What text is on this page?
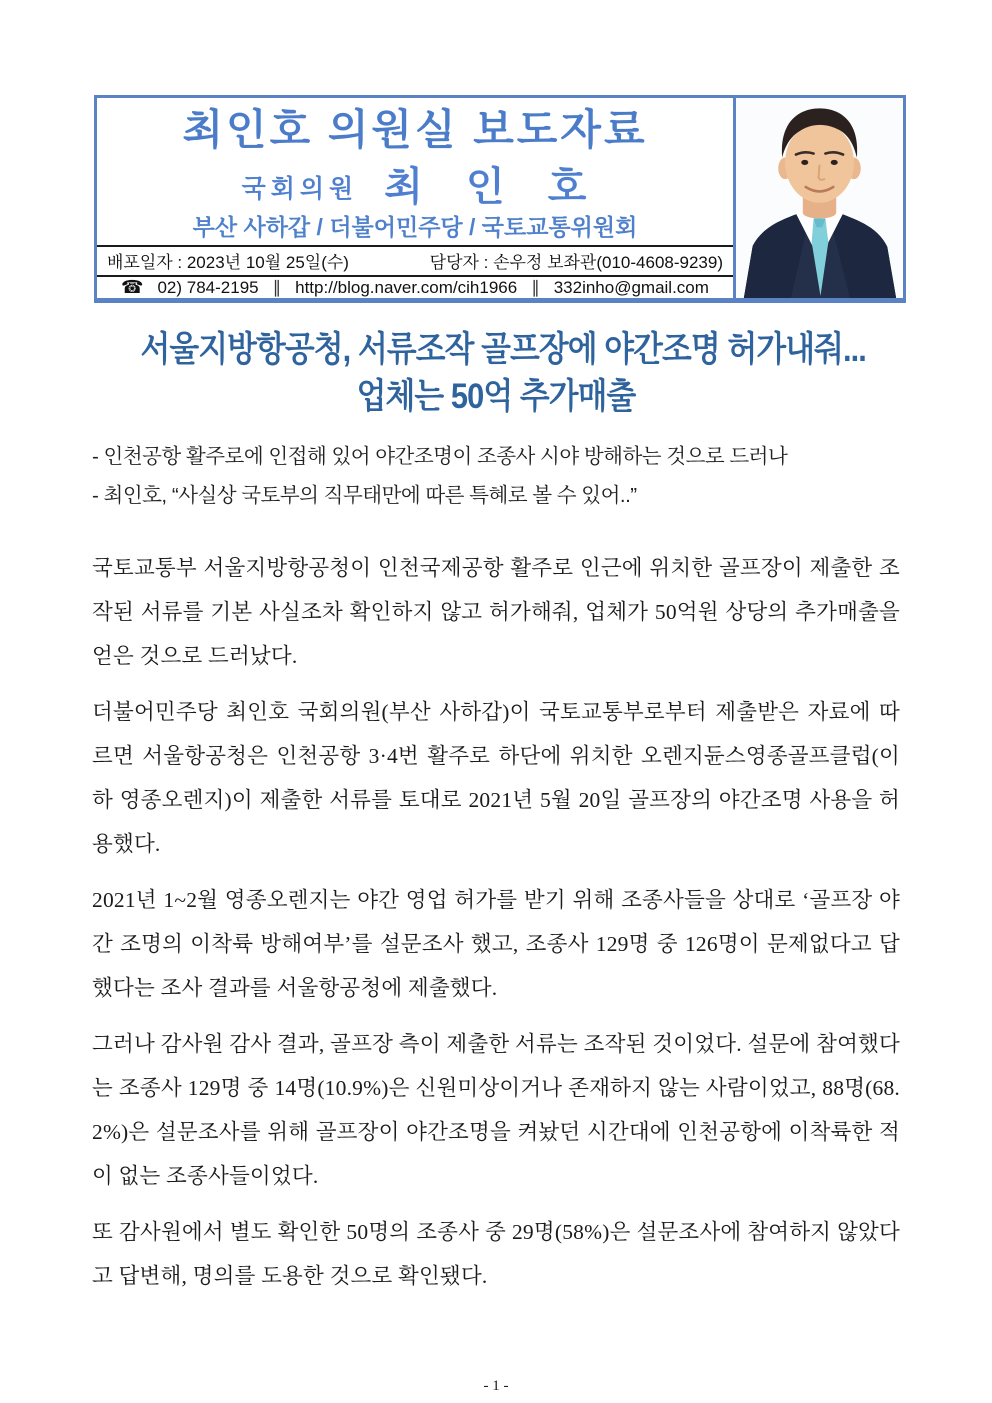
최인호 의원실 보도자료
국회의원 최 인 호
부산 사하갑 / 더불어민주당 / 국토교통위원회
배포일자 : 2023년 10월 25일(수)	담당자 : 손우정 보좌관(010-4608-9239)
☎ 02) 784-2195 ∥ http://blog.naver.com/cih1966 ∥ 332inho@gmail.com
서울지방항공청, 서류조작 골프장에 야간조명 허가내줘...
업체는 50억 추가매출
- 인천공항 활주로에 인접해 있어 야간조명이 조종사 시야 방해하는 것으로 드러나
- 최인호, “사실상 국토부의 직무태만에 따른 특혜로 볼 수 있어..”

국토교통부 서울지방항공청이 인천국제공항 활주로 인근에 위치한 골프장이 제출한 조작된 서류를 기본 사실조차 확인하지 않고 허가해줘, 업체가 50억원 상당의 추가매출을 얻은 것으로 드러났다.

더불어민주당 최인호 국회의원(부산 사하갑)이 국토교통부로부터 제출받은 자료에 따르면 서울항공청은 인천공항 3·4번 활주로 하단에 위치한 오렌지듄스영종골프클럽(이하 영종오렌지)이 제출한 서류를 토대로 2021년 5월 20일 골프장의 야간조명 사용을 허용했다.

2021년 1~2월 영종오렌지는 야간 영업 허가를 받기 위해 조종사들을 상대로 ‘골프장 야간 조명의 이착륙 방해여부’를 설문조사 했고, 조종사 129명 중 126명이 문제없다고 답했다는 조사 결과를 서울항공청에 제출했다.

그러나 감사원 감사 결과, 골프장 측이 제출한 서류는 조작된 것이었다. 설문에 참여했다는 조종사 129명 중 14명(10.9%)은 신원미상이거나 존재하지 않는 사람이었고, 88명(68.2%)은 설문조사를 위해 골프장이 야간조명을 켜놨던 시간대에 인천공항에 이착륙한 적이 없는 조종사들이었다.

또 감사원에서 별도 확인한 50명의 조종사 중 29명(58%)은 설문조사에 참여하지 않았다고 답변해, 명의를 도용한 것으로 확인됐다.

- 1 -
